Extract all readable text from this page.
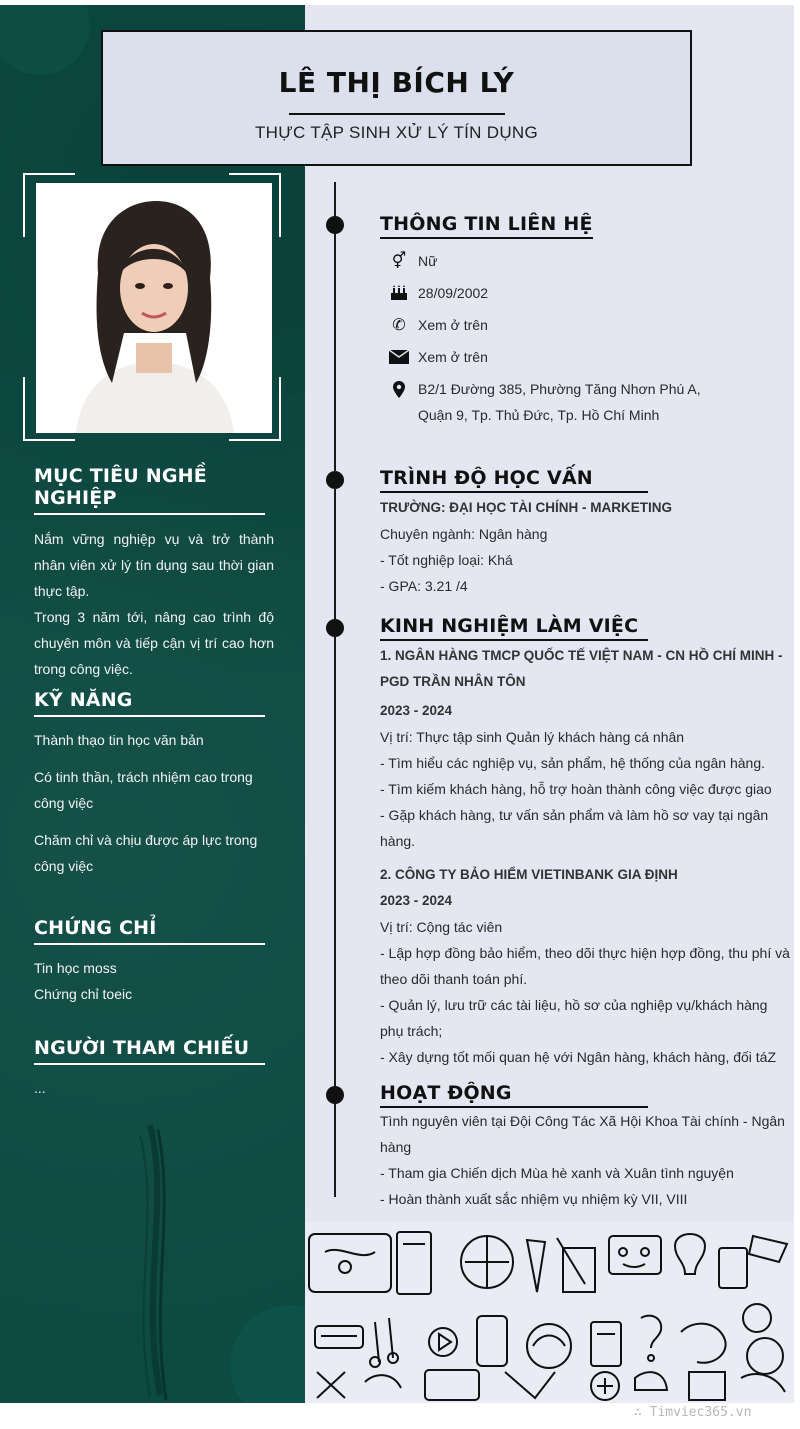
LÊ THỊ BÍCH LÝ
THỰC TẬP SINH XỬ LÝ TÍN DỤNG
MỤC TIÊU NGHỀ NGHIỆP
Nắm vững nghiệp vụ và trở thành nhân viên xử lý tín dụng sau thời gian thực tập.
Trong 3 năm tới, nâng cao trình độ chuyên môn và tiếp cận vị trí cao hơn trong công việc.
KỸ NĂNG
Thành thạo tin học văn bản
Có tinh thần, trách nhiệm cao trong công việc
Chăm chỉ và chịu được áp lực trong công việc
CHỨNG CHỈ
Tin học moss
Chứng chỉ toeic
NGƯỜI THAM CHIẾU
...
THÔNG TIN LIÊN HỆ
⚥ Nữ
28/09/2002
✆ Xem ở trên
Xem ở trên
B2/1 Đường 385, Phường Tăng Nhơn Phú A, Quận 9, Tp. Thủ Đức, Tp. Hồ Chí Minh
TRÌNH ĐỘ HỌC VẤN
TRƯỜNG: ĐẠI HỌC TÀI CHÍNH - MARKETING
Chuyên ngành: Ngân hàng
- Tốt nghiệp loại: Khá
- GPA: 3.21 /4
KINH NGHIỆM LÀM VIỆC
1. NGÂN HÀNG TMCP QUỐC TẾ VIỆT NAM - CN HỒ CHÍ MINH - PGD TRẦN NHÂN TÔN
2023 - 2024
Vị trí: Thực tập sinh Quản lý khách hàng cá nhân
- Tìm hiểu các nghiệp vụ, sản phẩm, hệ thống của ngân hàng.
- Tìm kiếm khách hàng, hỗ trợ hoàn thành công việc được giao
- Gặp khách hàng, tư vấn sản phẩm và làm hồ sơ vay tại ngân hàng.
2. CÔNG TY BẢO HIỂM VIETINBANK GIA ĐỊNH
2023 - 2024
Vị trí: Cộng tác viên
- Lập hợp đồng bảo hiểm, theo dõi thực hiện hợp đồng, thu phí và theo dõi thanh toán phí.
- Quản lý, lưu trữ các tài liệu, hồ sơ của nghiệp vụ/khách hàng phụ trách;
- Xây dựng tốt mối quan hệ với Ngân hàng, khách hàng, đối táZ
HOẠT ĐỘNG
Tình nguyên viên tại Đội Công Tác Xã Hội Khoa Tài chính - Ngân hàng
- Tham gia Chiến dịch Mùa hè xanh và Xuân tình nguyện
- Hoàn thành xuất sắc nhiệm vụ nhiệm kỳ VII, VIII
∴ Timviec365.vn
